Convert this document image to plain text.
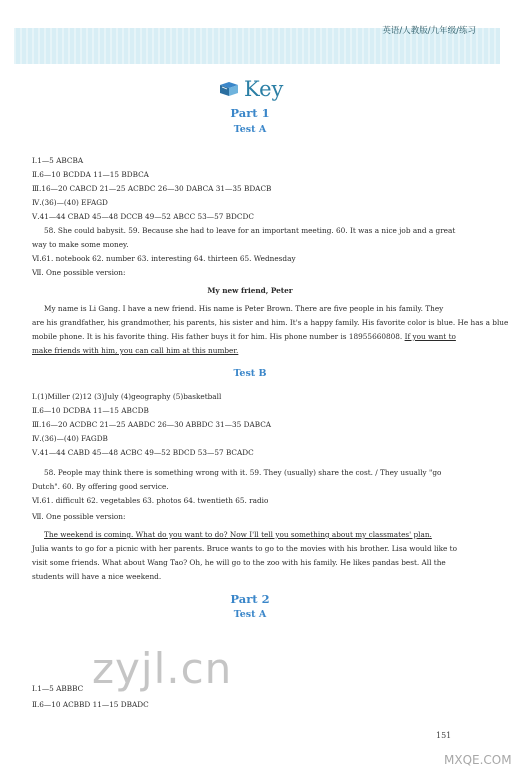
英语/人教版/九年级/练习
Key
Part 1
Test A
Ⅰ.1—5 ABCBA
Ⅱ.6—10 BCDDA 11—15 BDBCA
Ⅲ.16—20 CABCD 21—25 ACBDC 26—30 DABCA 31—35 BDACB
Ⅳ.(36)—(40) EFAGD
Ⅴ.41—44 CBAD 45—48 DCCB 49—52 ABCC 53—57 BDCDC
58. She could babysit. 59. Because she had to leave for an important meeting. 60. It was a nice job and a great
way to make some money.
Ⅵ.61. notebook 62. number 63. interesting 64. thirteen 65. Wednesday
Ⅶ. One possible version:
My new friend, Peter
My name is Li Gang. I have a new friend. His name is Peter Brown. There are five people in his family. They
are his grandfather, his grandmother, his parents, his sister and him. It's a happy family. His favorite color is blue. He has a blue
mobile phone. It is his favorite thing. His father buys it for him. His phone number is 18955660808. If you want to
make friends with him, you can call him at this number.
Test B
Ⅰ.(1)Miller (2)12 (3)July (4)geography (5)basketball
Ⅱ.6—10 DCDBA 11—15 ABCDB
Ⅲ.16—20 ACDBC 21—25 AABDC 26—30 ABBDC 31—35 DABCA
Ⅳ.(36)—(40) FAGDB
Ⅴ.41—44 CABD 45—48 ACBC 49—52 BDCD 53—57 BCADC
58. People may think there is something wrong with it. 59. They (usually) share the cost. / They usually "go
Dutch". 60. By offering good service.
Ⅵ.61. difficult 62. vegetables 63. photos 64. twentieth 65. radio
Ⅶ. One possible version:
The weekend is coming. What do you want to do? Now I'll tell you something about my classmates' plan.
Julia wants to go for a picnic with her parents. Bruce wants to go to the movies with his brother. Lisa would like to
visit some friends. What about Wang Tao? Oh, he will go to the zoo with his family. He likes pandas best. All the
students will have a nice weekend.
Part 2
Test A
Ⅰ.1—5 ABBBC
Ⅱ.6—10 ACBBD 11—15 DBADC
zyjl.cn
151
MXQE.COM
